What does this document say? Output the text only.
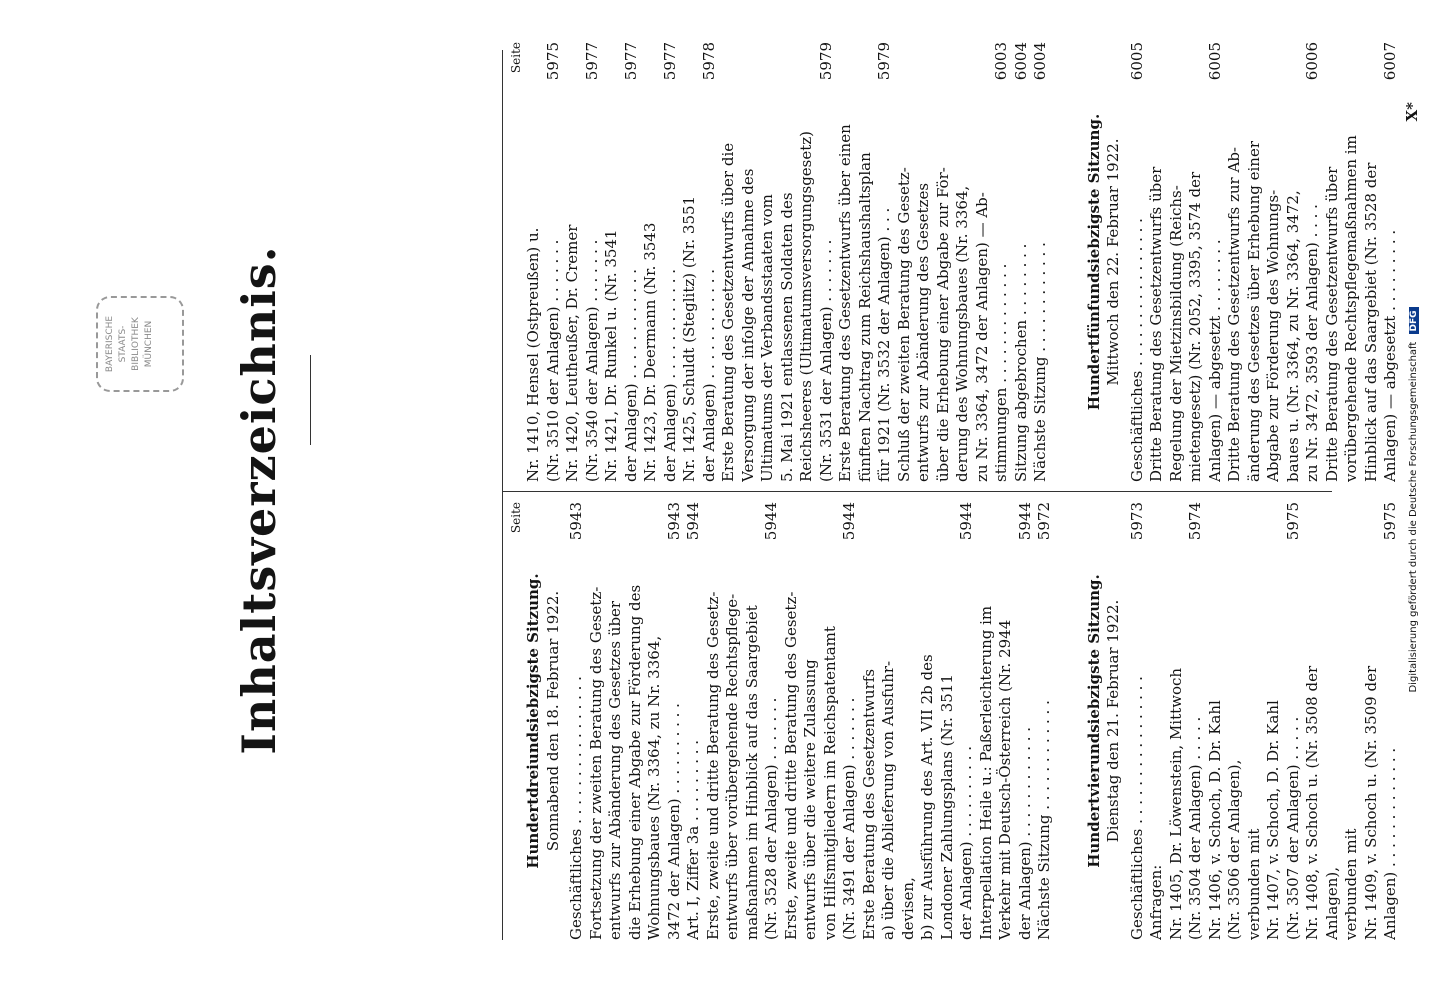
BAYERISCHE STAATS- BIBLIOTHEK MÜNCHEN Inhaltsverzeichnis.	Seite
Hundertdreiundsiebzigste Sitzung. Sonnabend den 18. Februar 1922. Geschäftliches . . . . . . . . . . . . . . . .
5943
Fortsetzung der zweiten Beratung des Gesetz- entwurfs zur Abänderung des Gesetzes über die Erhebung einer Abgabe zur Förderung des Wohnungsbaues (Nr. 3364, zu Nr. 3364, 3472 der Anlagen) . . . . . . . . . .
5943
Art. I, Ziffer 3a . . . . . . . . .
5944
Erste, zweite und dritte Beratung des Gesetz- entwurfs über vorübergehende Rechtspflege- maßnahmen im Hinblick auf das Saargebiet (Nr. 3528 der Anlagen) . . . . . . .
5944
Erste, zweite und dritte Beratung des Gesetz- entwurfs über die weitere Zulassung von Hilfsmitgliedern im Reichspatentamt (Nr. 3491 der Anlagen) . . . . . . .
5944
Erste Beratung des Gesetzentwurfs a) über die Ablieferung von Ausfuhr- devisen, b) zur Ausführung des Art. VII 2b des Londoner Zahlungsplans (Nr. 3511 der Anlagen) . . . . . . . . . .
5944
Interpellation Heile u.: Paßerleichterung im Verkehr mit Deutsch-Österreich (Nr. 2944 der Anlagen) . . . . . . . . . . . .
5944
Nächste Sitzung . . . . . . . . . . . .
5972
Hundertvierundsiebzigste Sitzung. Dienstag den 21. Februar 1922. Geschäftliches . . . . . . . . . . . . . . . .
5973
Anfragen: Nr. 1405, Dr. Löwenstein, Mittwoch (Nr. 3504 der Anlagen) . . . . .
5974
Nr. 1406, v. Schoch, D. Dr. Kahl (Nr. 3506 der Anlagen), verbunden mit Nr. 1407, v. Schoch, D. Dr. Kahl (Nr. 3507 der Anlagen) . . . . .
5975
Nr. 1408, v. Schoch u. (Nr. 3508 der Anlagen), verbunden mit Nr. 1409, v. Schoch u. (Nr. 3509 der Anlagen) . . . . . . . . . . . . .
5975
Seite
Nr. 1410, Hensel (Ostpreußen) u. (Nr. 3510 der Anlagen) . . . . . . .
5975
Nr. 1420, Leutheußer, Dr. Cremer (Nr. 3540 der Anlagen) . . . . . . .
5977
Nr. 1421, Dr. Runkel u. (Nr. 3541 der Anlagen) . . . . . . . . . . . .
5977
Nr. 1423, Dr. Deermann (Nr. 3543 der Anlagen) . . . . . . . . . . . .
5977
Nr. 1425, Schuldt (Steglitz) (Nr. 3551 der Anlagen) . . . . . . . . . . . .
5978
Erste Beratung des Gesetzentwurfs über die Versorgung der infolge der Annahme des Ultimatums der Verbandsstaaten vom 5. Mai 1921 entlassenen Soldaten des Reichsheeres (Ultimatumsversorgungsgesetz) (Nr. 3531 der Anlagen) . . . . . . .
5979
Erste Beratung des Gesetzentwurfs über einen fünften Nachtrag zum Reichshaushaltsplan für 1921 (Nr. 3532 der Anlagen) . . .
5979
Schluß der zweiten Beratung des Gesetz- entwurfs zur Abänderung des Gesetzes über die Erhebung einer Abgabe zur För- derung des Wohnungsbaues (Nr. 3364, zu Nr. 3364, 3472 der Anlagen) — Ab- stimmungen . . . . . . . . . . . . .
6003
Sitzung abgebrochen . . . . . . . .
6004
Nächste Sitzung . . . . . . . . . . . .
6004
Hundertfünfundsiebzigste Sitzung. Mittwoch den 22. Februar 1922. Geschäftliches . . . . . . . . . . . . . . . .
6005
Dritte Beratung des Gesetzentwurfs über Regelung der Mietzinsbildung (Reichs- mietengesetz) (Nr. 2052, 3395, 3574 der Anlagen) — abgesetzt . . . . . . . .
6005
Dritte Beratung des Gesetzentwurfs zur Ab- änderung des Gesetzes über Erhebung einer Abgabe zur Förderung des Wohnungs- baues u. (Nr. 3364, zu Nr. 3364, 3472, zu Nr. 3472, 3593 der Anlagen) . . . .
6006
Dritte Beratung des Gesetzentwurfs über vorübergehende Rechtspflegemaßnahmen im Hinblick auf das Saargebiet (Nr. 3528 der Anlagen) — abgesetzt . . . . . . . . .
6007
X*
Digitalisierung gefördert durch die Deutsche Forschungsgemeinschaft DFG
